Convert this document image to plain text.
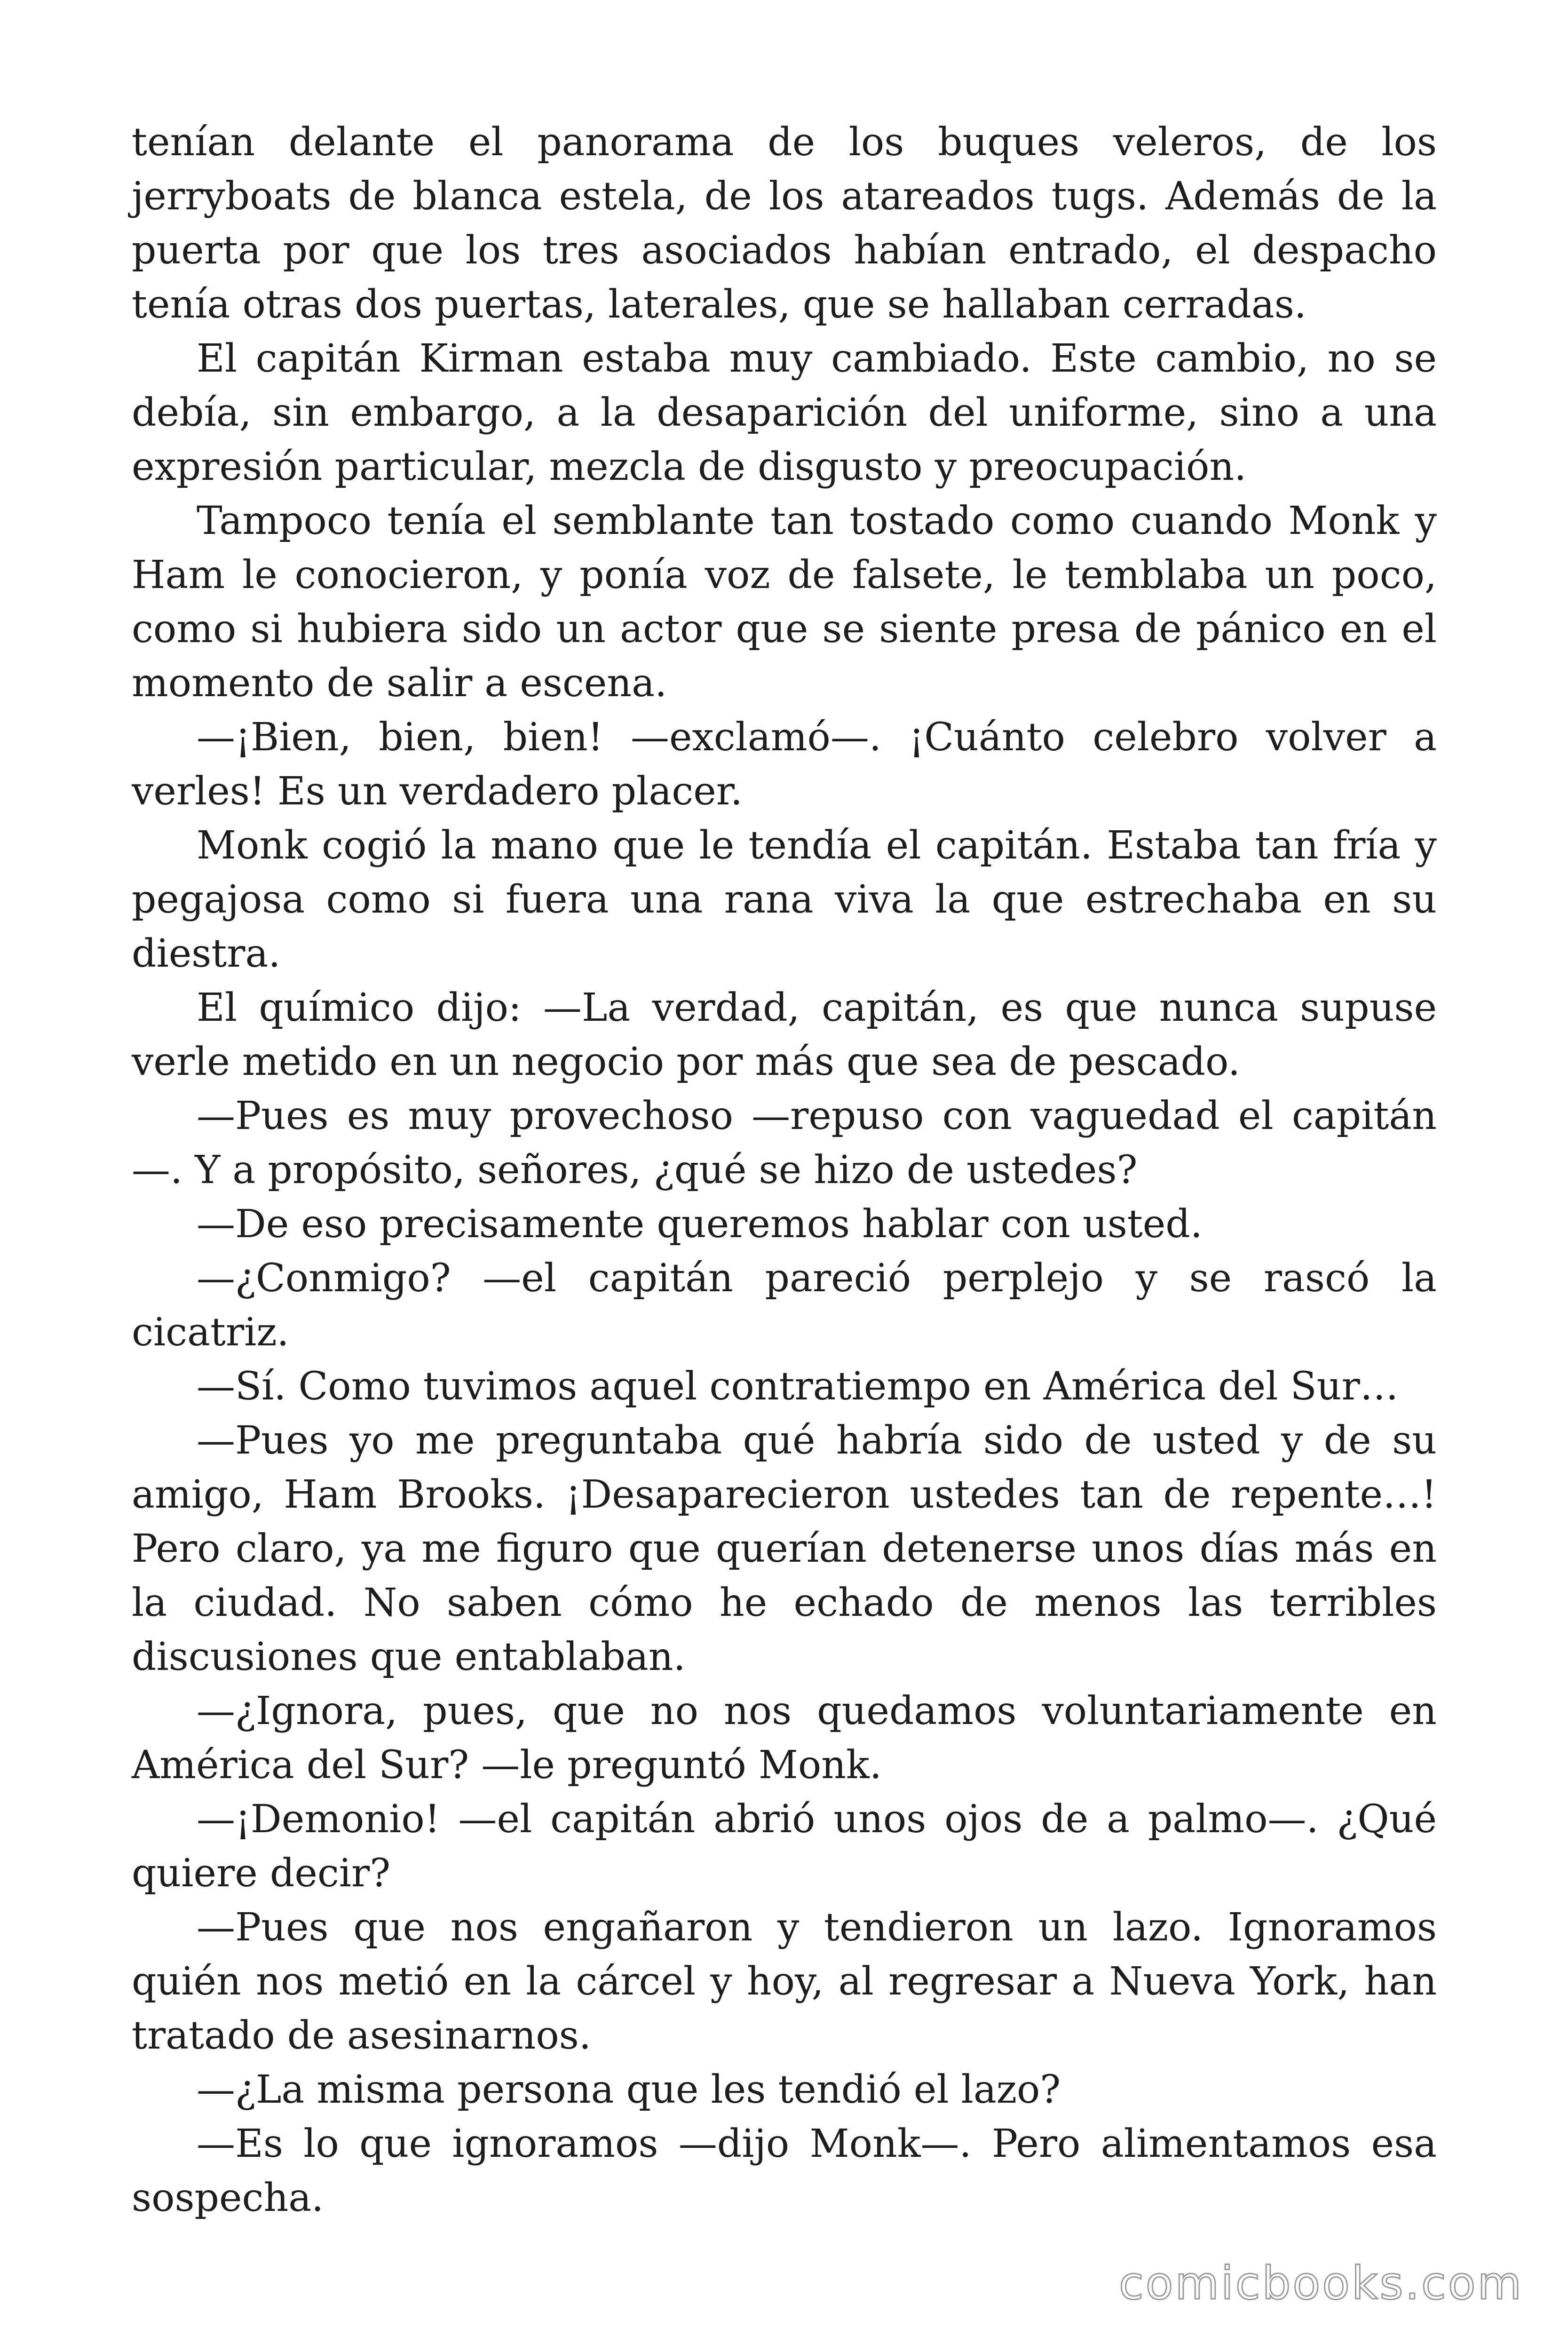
tenían delante el panorama de los buques veleros, de los jerryboats de blanca estela, de los atareados tugs. Además de la puerta por que los tres asociados habían entrado, el despacho tenía otras dos puertas, laterales, que se hallaban cerradas.

El capitán Kirman estaba muy cambiado. Este cambio, no se debía, sin embargo, a la desaparición del uniforme, sino a una expresión particular, mezcla de disgusto y preocupación.

Tampoco tenía el semblante tan tostado como cuando Monk y Ham le conocieron, y ponía voz de falsete, le temblaba un poco, como si hubiera sido un actor que se siente presa de pánico en el momento de salir a escena.

—¡Bien, bien, bien! —exclamó—. ¡Cuánto celebro volver a verles! Es un verdadero placer.

Monk cogió la mano que le tendía el capitán. Estaba tan fría y pegajosa como si fuera una rana viva la que estrechaba en su diestra.

El químico dijo: —La verdad, capitán, es que nunca supuse verle metido en un negocio por más que sea de pescado.

—Pues es muy provechoso —repuso con vaguedad el capitán—. Y a propósito, señores, ¿qué se hizo de ustedes?

—De eso precisamente queremos hablar con usted.

—¿Conmigo? —el capitán pareció perplejo y se rascó la cicatriz.

—Sí. Como tuvimos aquel contratiempo en América del Sur…

—Pues yo me preguntaba qué habría sido de usted y de su amigo, Ham Brooks. ¡Desaparecieron ustedes tan de repente…! Pero claro, ya me figuro que querían detenerse unos días más en la ciudad. No saben cómo he echado de menos las terribles discusiones que entablaban.

—¿Ignora, pues, que no nos quedamos voluntariamente en América del Sur? —le preguntó Monk.

—¡Demonio! —el capitán abrió unos ojos de a palmo—. ¿Qué quiere decir?

—Pues que nos engañaron y tendieron un lazo. Ignoramos quién nos metió en la cárcel y hoy, al regresar a Nueva York, han tratado de asesinarnos.

—¿La misma persona que les tendió el lazo?

—Es lo que ignoramos —dijo Monk—. Pero alimentamos esa sospecha.

comicbooks.com
